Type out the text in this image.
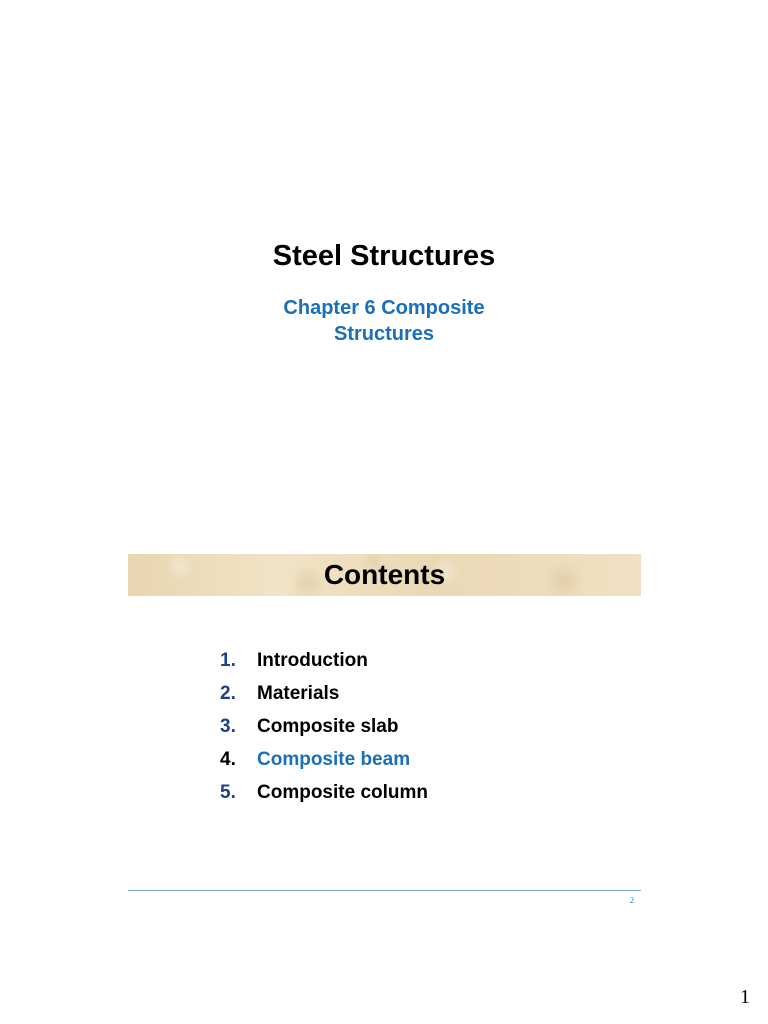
Steel Structures
Chapter 6 Composite Structures
Contents
1.	Introduction
2.	Materials
3.	Composite slab
4.	Composite beam
5.	Composite column
2
1
